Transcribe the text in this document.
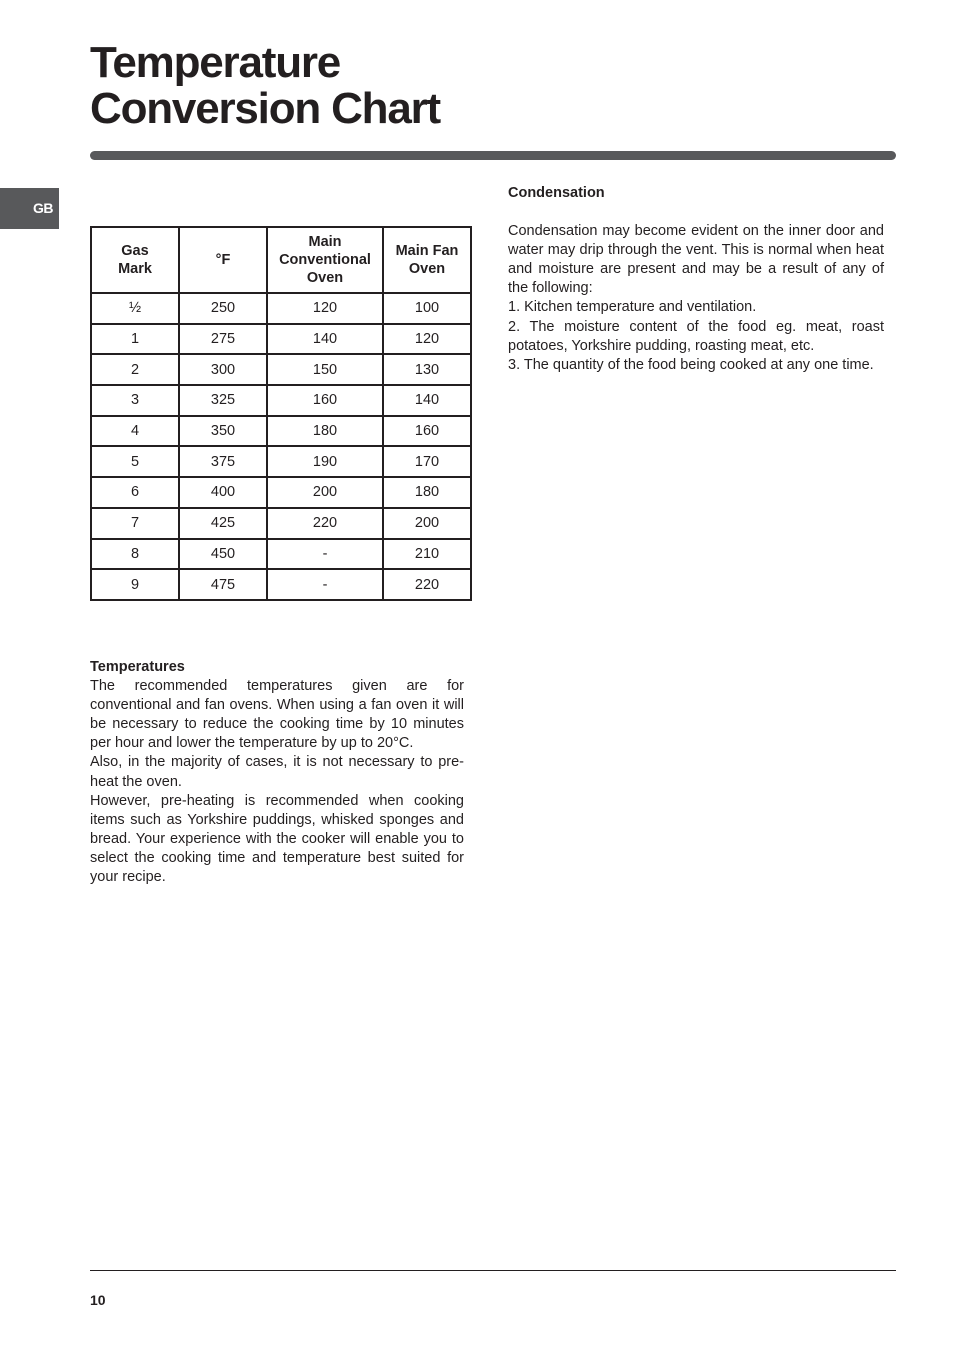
Temperature
Conversion Chart
GB
Gas
Mark	°F	Main
Conventional
Oven	Main Fan
Oven
½	250	120	100
1	275	140	120
2	300	150	130
3	325	160	140
4	350	180	160
5	375	190	170
6	400	200	180
7	425	220	200
8	450	-	210
9	475	-	220
Temperatures

The recommended temperatures given are for conventional and fan ovens. When using a fan oven it will be necessary to reduce the cooking time by 10 minutes per hour and lower the temperature by up to 20°C.

Also, in the majority of cases, it is not necessary to pre-heat the oven.

However, pre-heating is recommended when cooking items such as Yorkshire puddings, whisked sponges and bread. Your experience with the cooker will enable you to select the cooking time and temperature best suited for your recipe.

Condensation

Condensation may become evident on the inner door and water may drip through the vent. This is normal when heat and moisture are present and may be a result of any of the following:

1. Kitchen temperature and ventilation.

2. The moisture content of the food eg. meat, roast potatoes, Yorkshire pudding, roasting meat, etc.

3. The quantity of the food being cooked at any one time.

10
